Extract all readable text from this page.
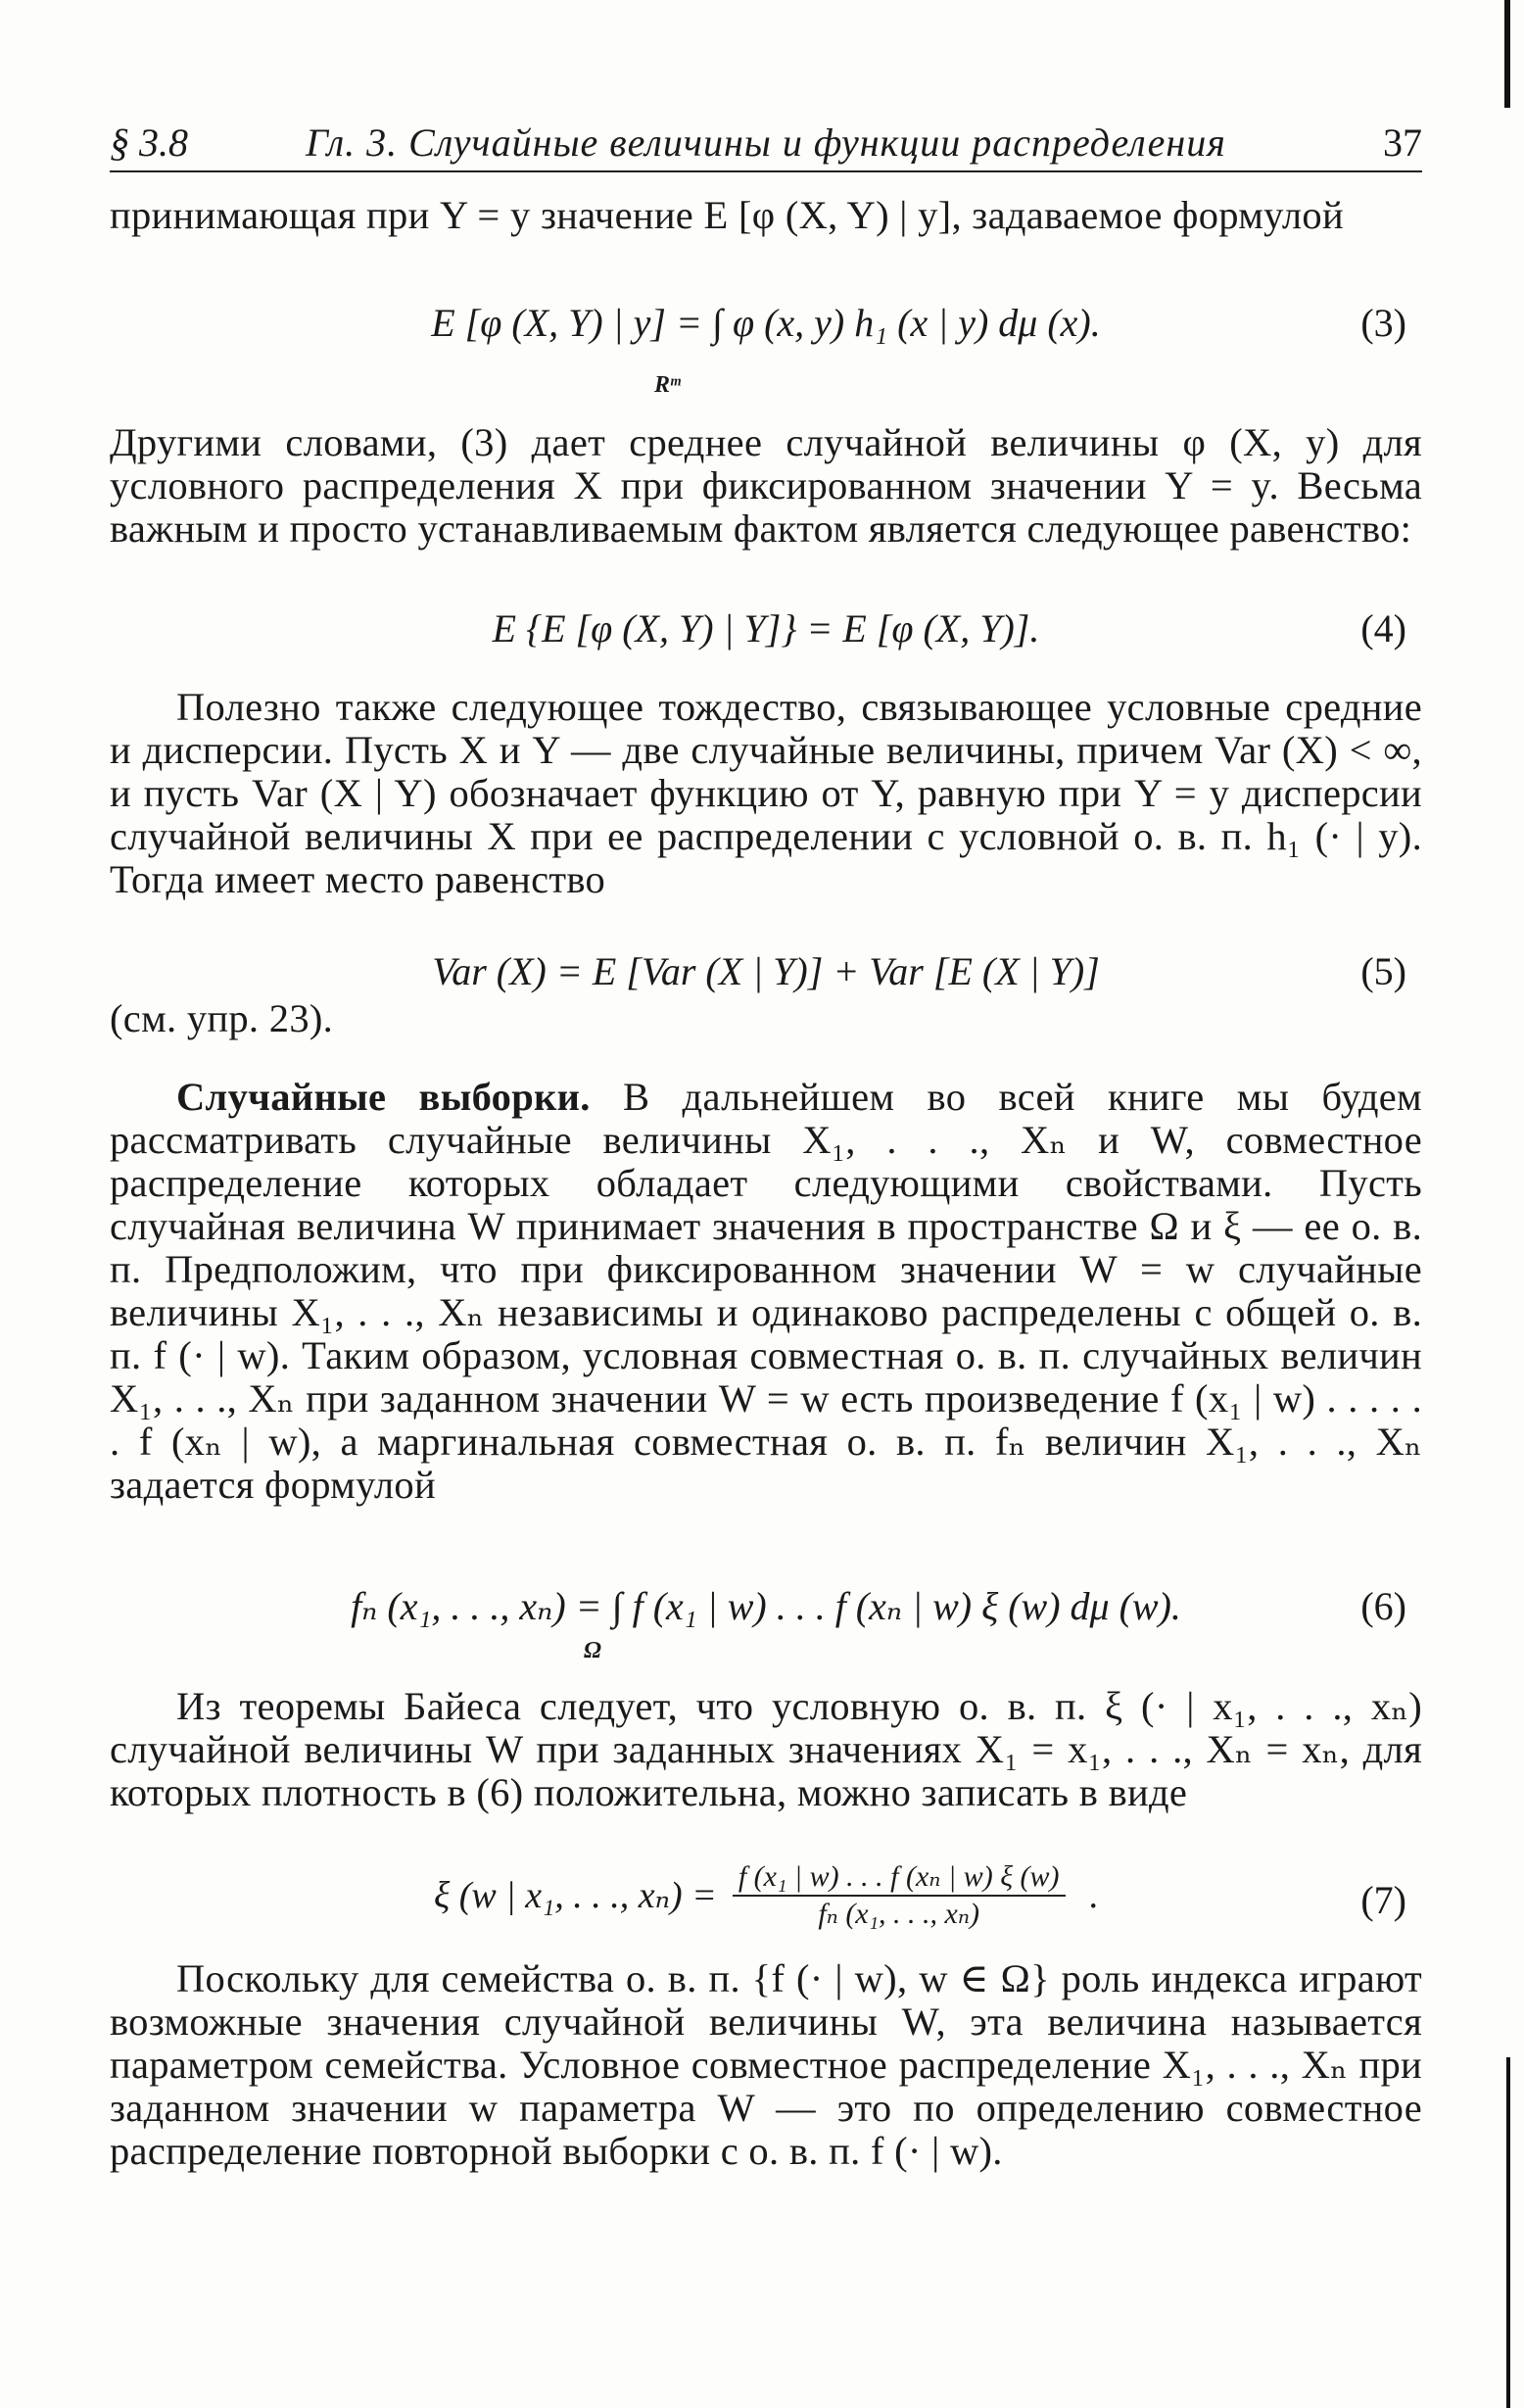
§ 3.8	Гл. 3. Случайные величины и функции распределения	37
принимающая при Y = y значение E [φ (X, Y) | y], задаваемое формулой
E [φ (X, Y) | y] = ∫ φ (x, y) h₁ (x | y) dμ (x).	(3)
Rᵐ
Другими словами, (3) дает среднее случайной величины φ (X, y) для условного распределения X при фиксированном значении Y = y. Весьма важным и просто устанавливаемым фактом является следующее равенство:
E {E [φ (X, Y) | Y]} = E [φ (X, Y)].	(4)
Полезно также следующее тождество, связывающее условные средние и дисперсии. Пусть X и Y — две случайные величины, причем Var (X) < ∞, и пусть Var (X | Y) обозначает функцию от Y, равную при Y = y дисперсии случайной величины X при ее распределении с условной о. в. п. h₁ (· | y). Тогда имеет место равенство
Var (X) = E [Var (X | Y)] + Var [E (X | Y)]	(5)
(см. упр. 23).
Случайные выборки. В дальнейшем во всей книге мы будем рассматривать случайные величины X₁, . . ., Xₙ и W, совместное распределение которых обладает следующими свойствами. Пусть случайная величина W принимает значения в пространстве Ω и ξ — ее о. в. п. Предположим, что при фиксированном значении W = w случайные величины X₁, . . ., Xₙ независимы и одинаково распределены с общей о. в. п. f (· | w). Таким образом, условная совместная о. в. п. случайных величин X₁, . . ., Xₙ при заданном значении W = w есть произведение f (x₁ | w) . . . . . . f (xₙ | w), а маргинальная совместная о. в. п. fₙ величин X₁, . . ., Xₙ задается формулой
fₙ (x₁, . . ., xₙ) = ∫ f (x₁ | w) . . . f (xₙ | w) ξ (w) dμ (w).	(6)
Ω
Из теоремы Байеса следует, что условную о. в. п. ξ (· | x₁, . . ., xₙ) случайной величины W при заданных значениях X₁ = x₁, . . ., Xₙ = xₙ, для которых плотность в (6) положительна, можно записать в виде
ξ (w | x₁, . . ., $x_n) = \frac{\text{f (x₁ | w) . . . f (xₙ | w) ξ (w)}}{\text{fₙ (x₁, . . ., xₙ)}}$ .	(7)
Поскольку для семейства о. в. п. {f (· | w), w ∈ Ω} роль индекса играют возможные значения случайной величины W, эта величина называется параметром семейства. Условное совместное распределение X₁, . . ., Xₙ при заданном значении w параметра W — это по определению совместное распределение повторной выборки с о. в. п. f (· | w).
